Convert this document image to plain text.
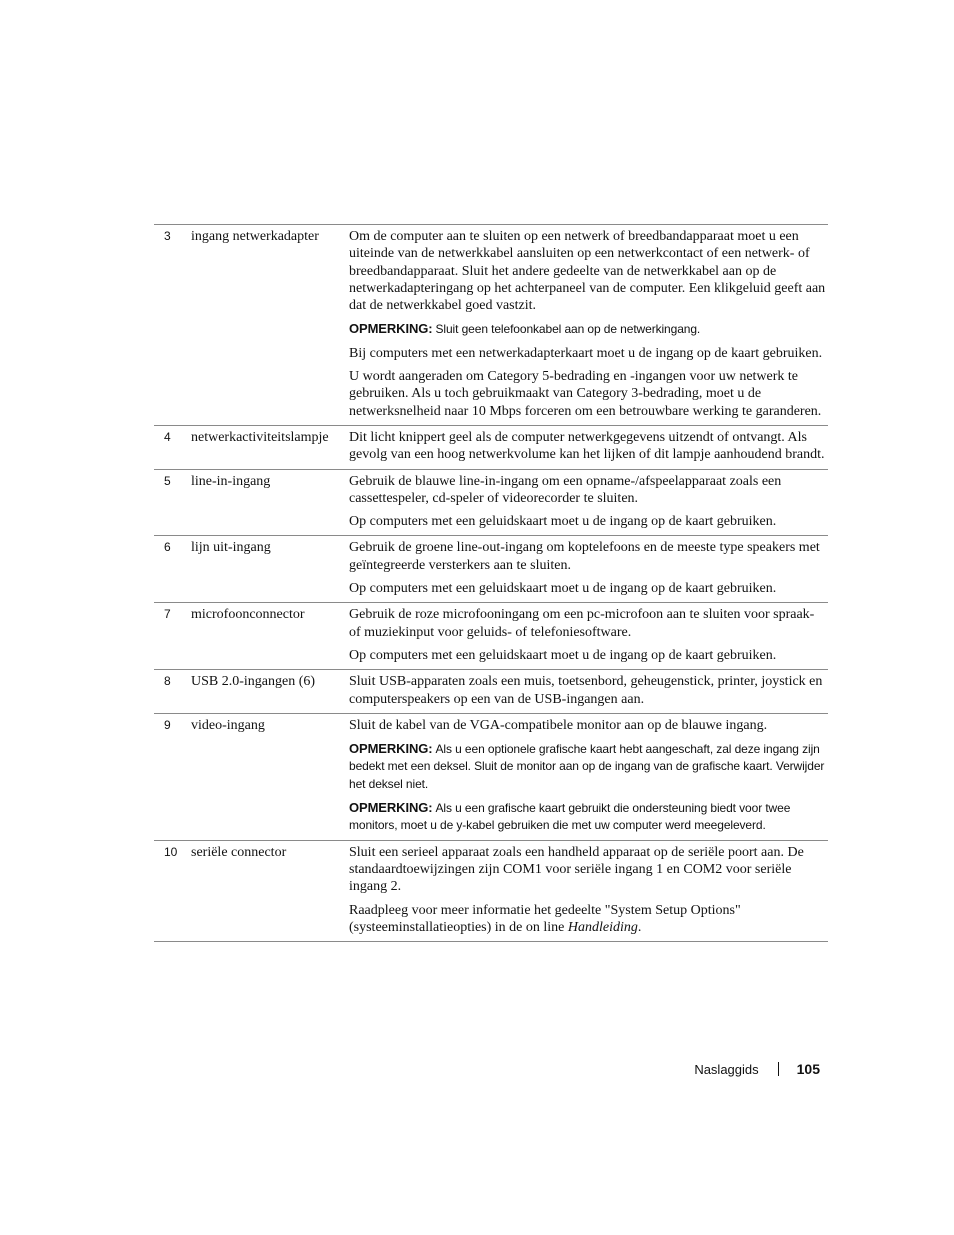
3	ingang netwerkadapter	Om de computer aan te sluiten op een netwerk of breedbandapparaat moet u een uiteinde van de netwerkkabel aansluiten op een netwerkcontact of een netwerk- of breedbandapparaat. Sluit het andere gedeelte van de netwerkkabel aan op de netwerkadapteringang op het achterpaneel van de computer. Een klikgeluid geeft aan dat de netwerkkabel goed vastzit.

OPMERKING: Sluit geen telefoonkabel aan op de netwerkingang.

Bij computers met een netwerkadapterkaart moet u de ingang op de kaart gebruiken.

U wordt aangeraden om Category 5-bedrading en -ingangen voor uw netwerk te gebruiken. Als u toch gebruikmaakt van Category 3-bedrading, moet u de netwerksnelheid naar 10 Mbps forceren om een betrouwbare werking te garanderen.

4	netwerkactiviteitslampje	Dit licht knippert geel als de computer netwerkgegevens uitzendt of ontvangt. Als gevolg van een hoog netwerkvolume kan het lijken of dit lampje aanhoudend brandt.

5	line-in-ingang	Gebruik de blauwe line-in-ingang om een opname-/afspeelapparaat zoals een cassettespeler, cd-speler of videorecorder te sluiten.

Op computers met een geluidskaart moet u de ingang op de kaart gebruiken.

6	lijn uit-ingang	Gebruik de groene line-out-ingang om koptelefoons en de meeste type speakers met geïntegreerde versterkers aan te sluiten.

Op computers met een geluidskaart moet u de ingang op de kaart gebruiken.

7	microfoonconnector	Gebruik de roze microfooningang om een pc-microfoon aan te sluiten voor spraak- of muziekinput voor geluids- of telefoniesoftware.

Op computers met een geluidskaart moet u de ingang op de kaart gebruiken.

8	USB 2.0-ingangen (6)	Sluit USB-apparaten zoals een muis, toetsenbord, geheugenstick, printer, joystick en computerspeakers op een van de USB-ingangen aan.

9	video-ingang	Sluit de kabel van de VGA-compatibele monitor aan op de blauwe ingang.

OPMERKING: Als u een optionele grafische kaart hebt aangeschaft, zal deze ingang zijn bedekt met een deksel. Sluit de monitor aan op de ingang van de grafische kaart. Verwijder het deksel niet.

OPMERKING: Als u een grafische kaart gebruikt die ondersteuning biedt voor twee monitors, moet u de y-kabel gebruiken die met uw computer werd meegeleverd.

10 seriële connector	Sluit een serieel apparaat zoals een handheld apparaat op de seriële poort aan. De standaardtoewijzingen zijn COM1 voor seriële ingang 1 en COM2 voor seriële ingang 2.

Raadpleeg voor meer informatie het gedeelte "System Setup Options" (systeeminstallatieopties) in de on line Handleiding.

Naslaggids	105
